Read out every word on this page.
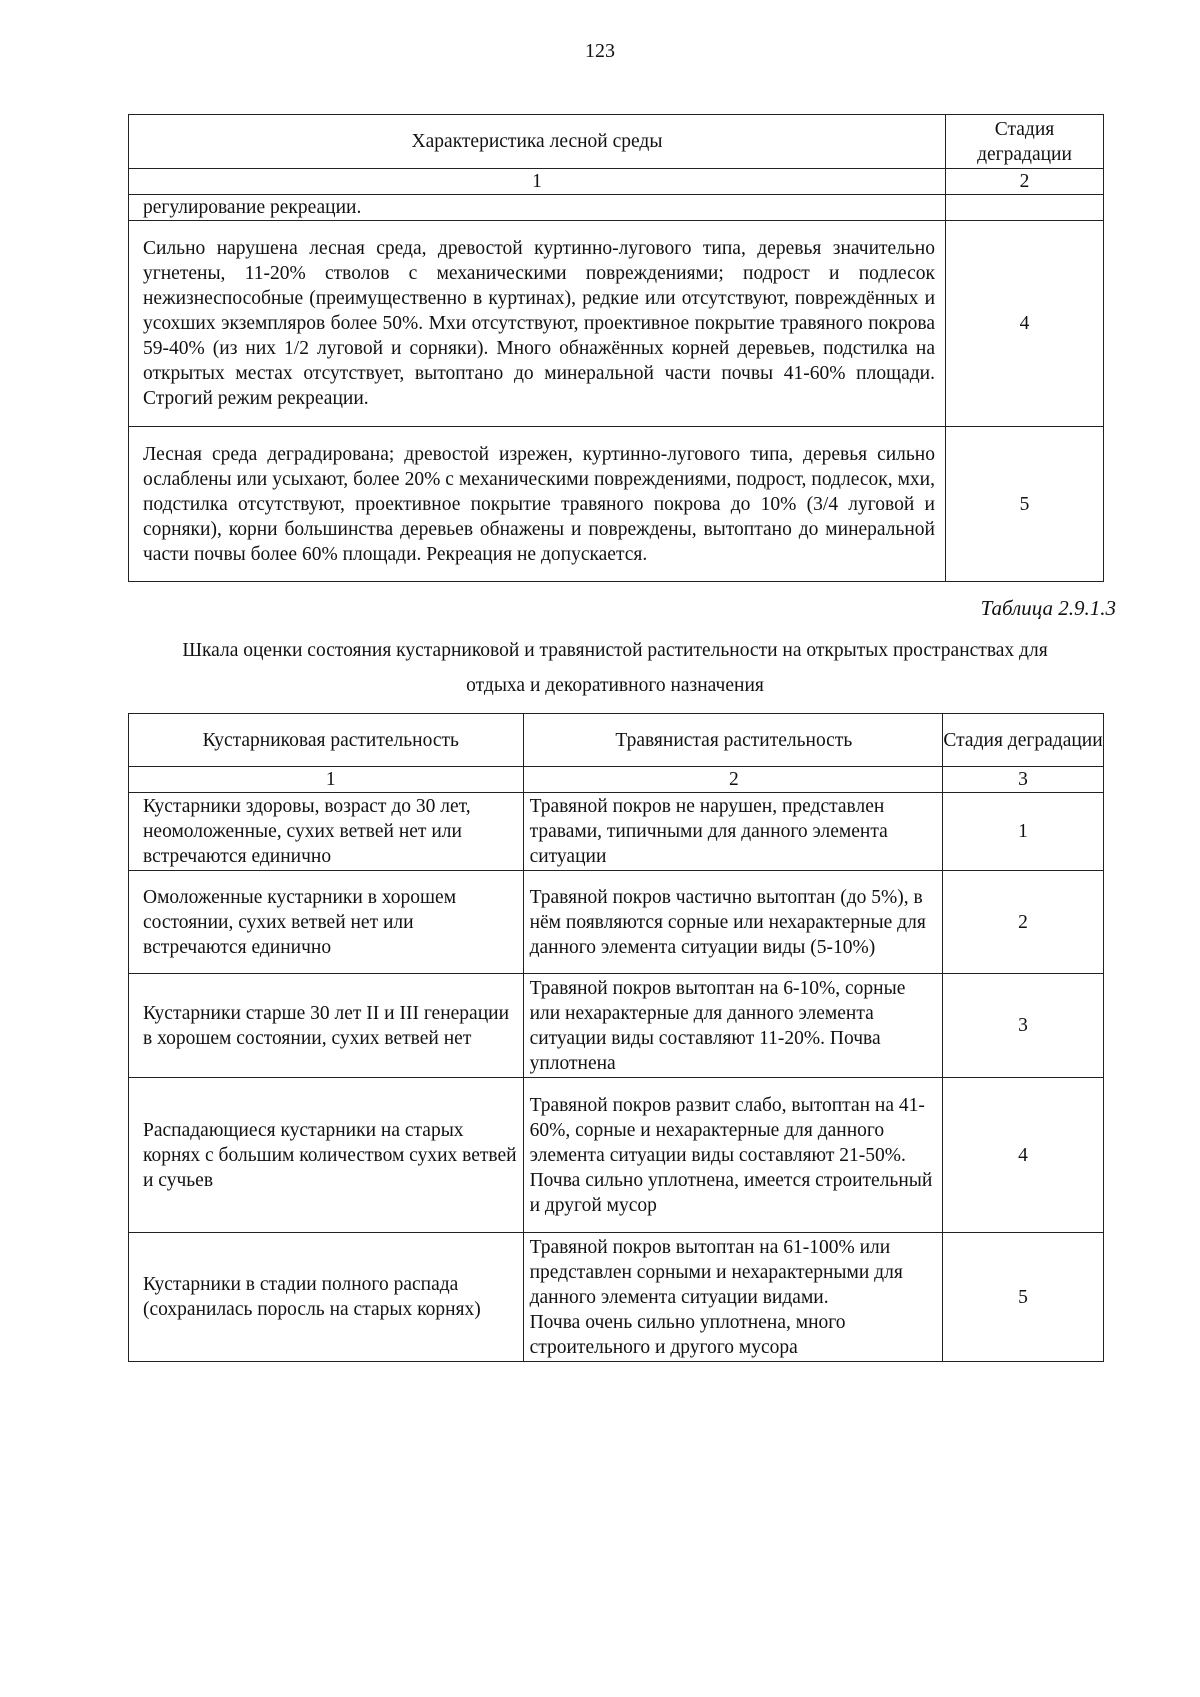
123
Характеристика лесной среды	Стадия деградации
1	2
регулирование рекреации.	
Сильно нарушена лесная среда, древостой куртинно-лугового типа, деревья значительно угнетены, 11-20% стволов с механическими повреждениями; подрост и подлесок нежизнеспособные (преимущественно в куртинах), редкие или отсутствуют, повреждённых и усохших экземпляров более 50%. Мхи отсутствуют, проективное покрытие травяного покрова 59-40% (из них 1/2 луговой и сорняки). Много обнажённых корней деревьев, подстилка на открытых местах отсутствует, вытоптано до минеральной части почвы 41-60% площади. Строгий режим рекреации.	4
Лесная среда деградирована; древостой изрежен, куртинно-лугового типа, деревья сильно ослаблены или усыхают, более 20% с механическими повреждениями, подрост, подлесок, мхи, подстилка отсутствуют, проективное покрытие травяного покрова до 10% (3/4 луговой и сорняки), корни большинства деревьев обнажены и повреждены, вытоптано до минеральной части почвы более 60% площади. Рекреация не допускается.	5
Таблица 2.9.1.3
Шкала оценки состояния кустарниковой и травянистой растительности на открытых пространствах для
отдыха и декоративного назначения
Кустарниковая растительность	Травянистая растительность	Стадия деградации
1	2	3
Кустарники здоровы, возраст до 30 лет, неомоложенные, сухих ветвей нет или встречаются единично	Травяной покров не нарушен, представлен травами, типичными для данного элемента ситуации	1
Омоложенные кустарники в хорошем состоянии, сухих ветвей нет или встречаются единично	Травяной покров частично вытоптан (до 5%), в нём появляются сорные или нехарактерные для данного элемента ситуации виды (5-10%)	2
Кустарники старше 30 лет II и III генерации в хорошем состоянии, сухих ветвей нет	Травяной покров вытоптан на 6-10%, сорные или нехарактерные для данного элемента ситуации виды составляют 11-20%. Почва уплотнена	3
Распадающиеся кустарники на старых корнях с большим количеством сухих ветвей и сучьев	Травяной покров развит слабо, вытоптан на 41-60%, сорные и нехарактерные для данного элемента ситуации виды составляют 21-50%.
Почва сильно уплотнена, имеется строительный и другой мусор	4
Кустарники в стадии полного распада (сохранилась поросль на старых корнях)	Травяной покров вытоптан на 61-100% или представлен сорными и нехарактерными для данного элемента ситуации видами.
Почва очень сильно уплотнена, много строительного и другого мусора	5
